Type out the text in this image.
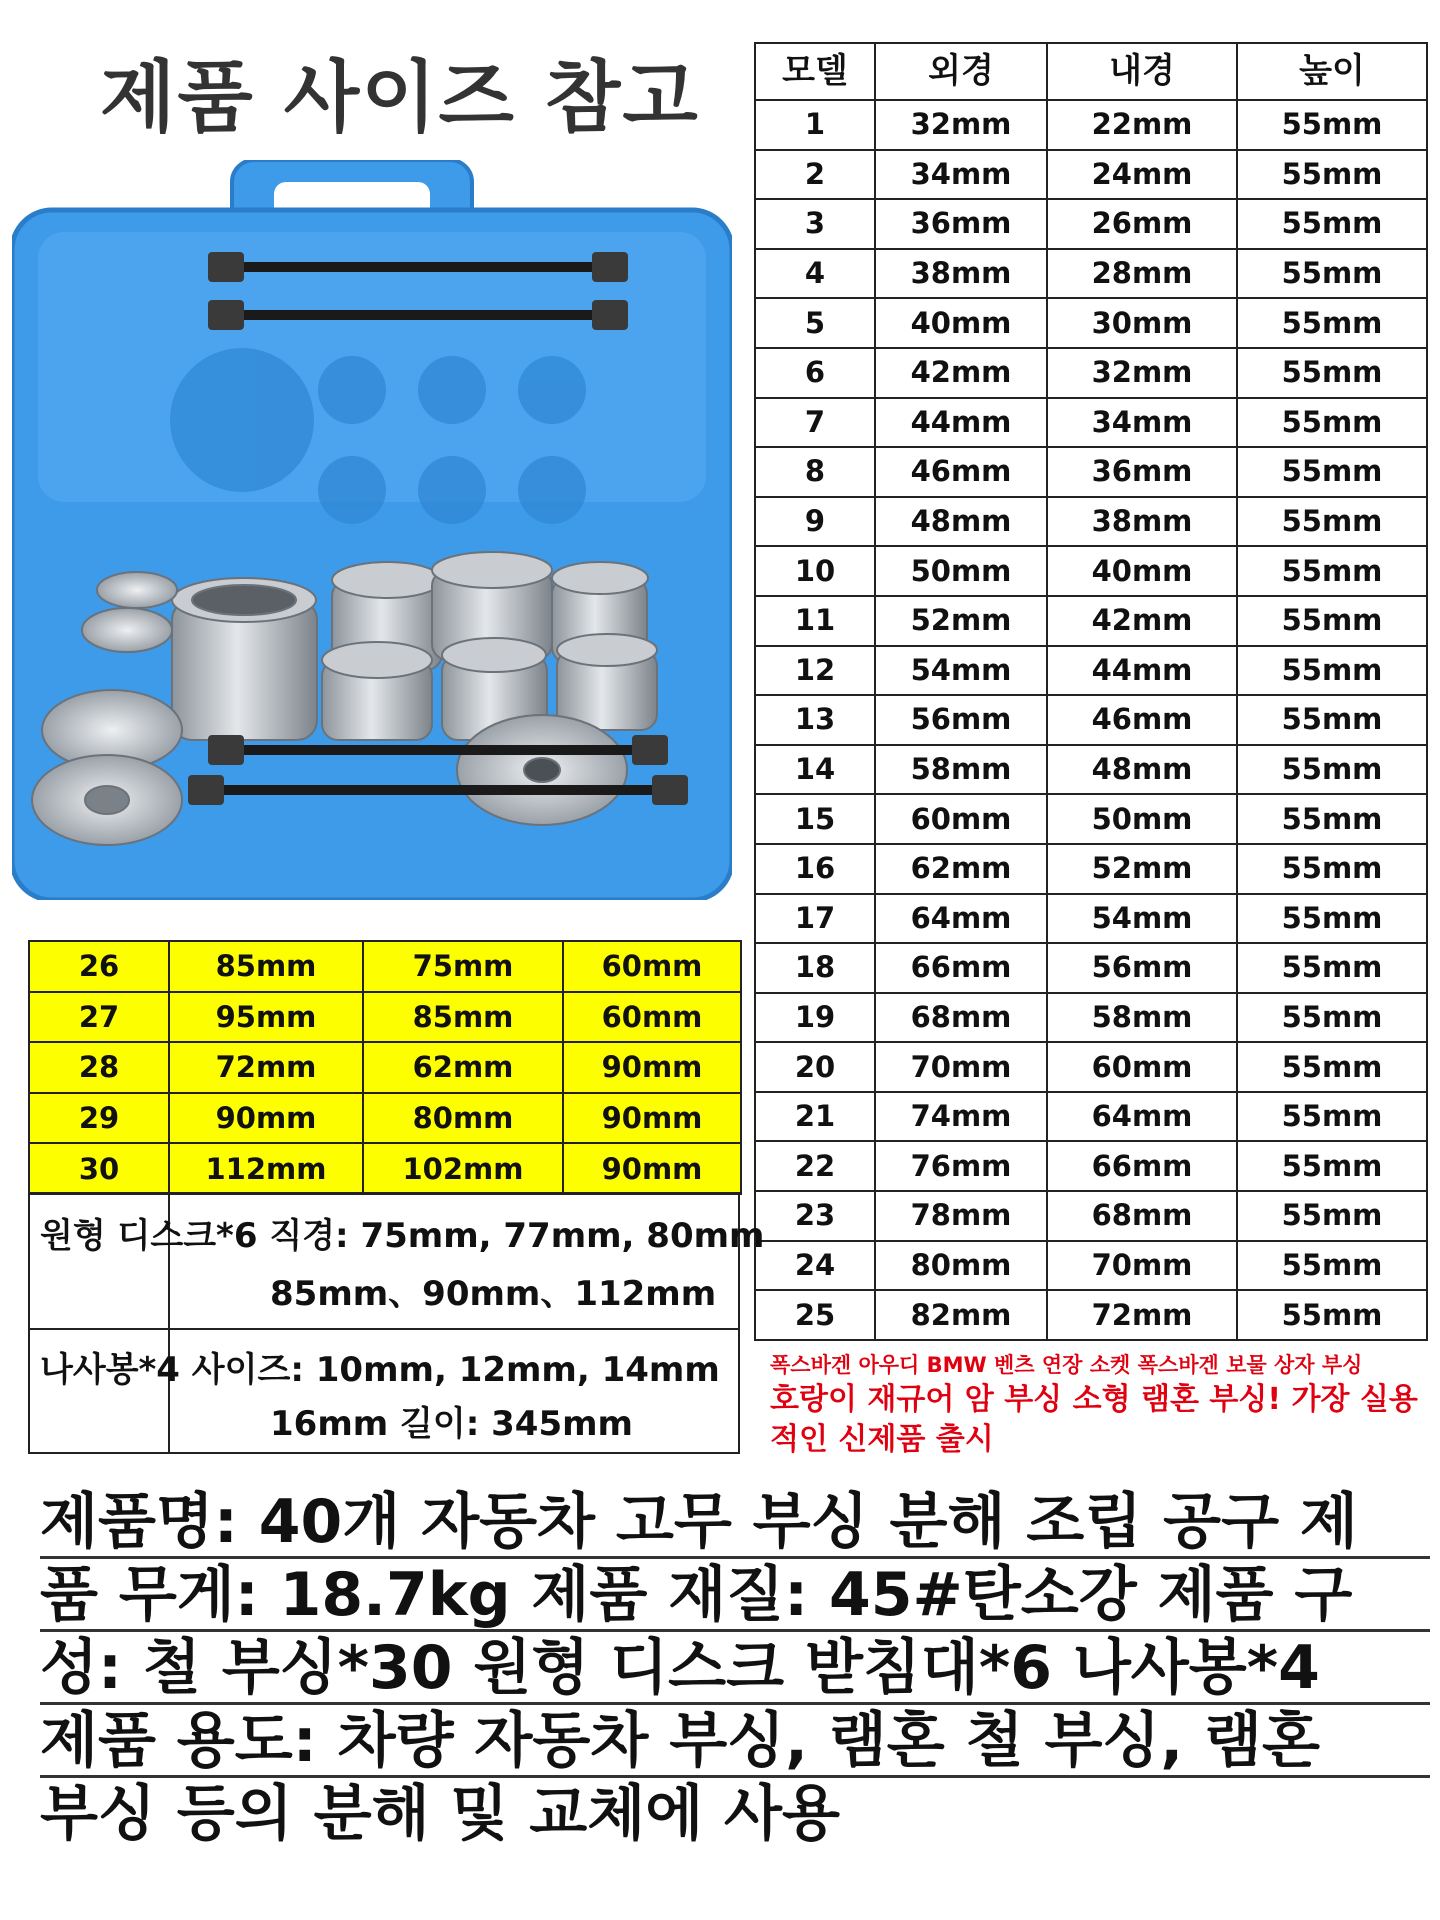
제품 사이즈 참고 모델	외경	내경	높이
1	32mm	22mm	55mm
2	34mm	24mm	55mm
3	36mm	26mm	55mm
4	38mm	28mm	55mm
5	40mm	30mm	55mm
6	42mm	32mm	55mm
7	44mm	34mm	55mm
8	46mm	36mm	55mm
9	48mm	38mm	55mm
10	50mm	40mm	55mm
11	52mm	42mm	55mm
12	54mm	44mm	55mm
13	56mm	46mm	55mm
14	58mm	48mm	55mm
15	60mm	50mm	55mm
16	62mm	52mm	55mm
17	64mm	54mm	55mm
18	66mm	56mm	55mm
19	68mm	58mm	55mm
20	70mm	60mm	55mm
21	74mm	64mm	55mm
22	76mm	66mm	55mm
23	78mm	68mm	55mm
24	80mm	70mm	55mm
25	82mm	72mm	55mm
26	85mm	75mm	60mm
27	95mm	85mm	60mm
28	72mm	62mm	90mm
29	90mm	80mm	90mm
30	112mm	102mm	90mm
원형 디스크*6 직경: 75mm, 77mm, 80mm
85mm、90mm、112mm
나사봉*4 사이즈: 10mm, 12mm, 14mm
16mm 길이: 345mm
폭스바겐 아우디 BMW 벤츠 연장 소켓 폭스바겐 보물 상자 부싱
호랑이 재규어 암 부싱 소형 램혼 부싱! 가장 실용
적인 신제품 출시
제품명: 40개 자동차 고무 부싱 분해 조립 공구 제
품 무게: 18.7kg 제품 재질: 45#탄소강 제품 구
성: 철 부싱*30 원형 디스크 받침대*6 나사봉*4
제품 용도: 차량 자동차 부싱, 램혼 철 부싱, 램혼
부싱 등의 분해 및 교체에 사용
